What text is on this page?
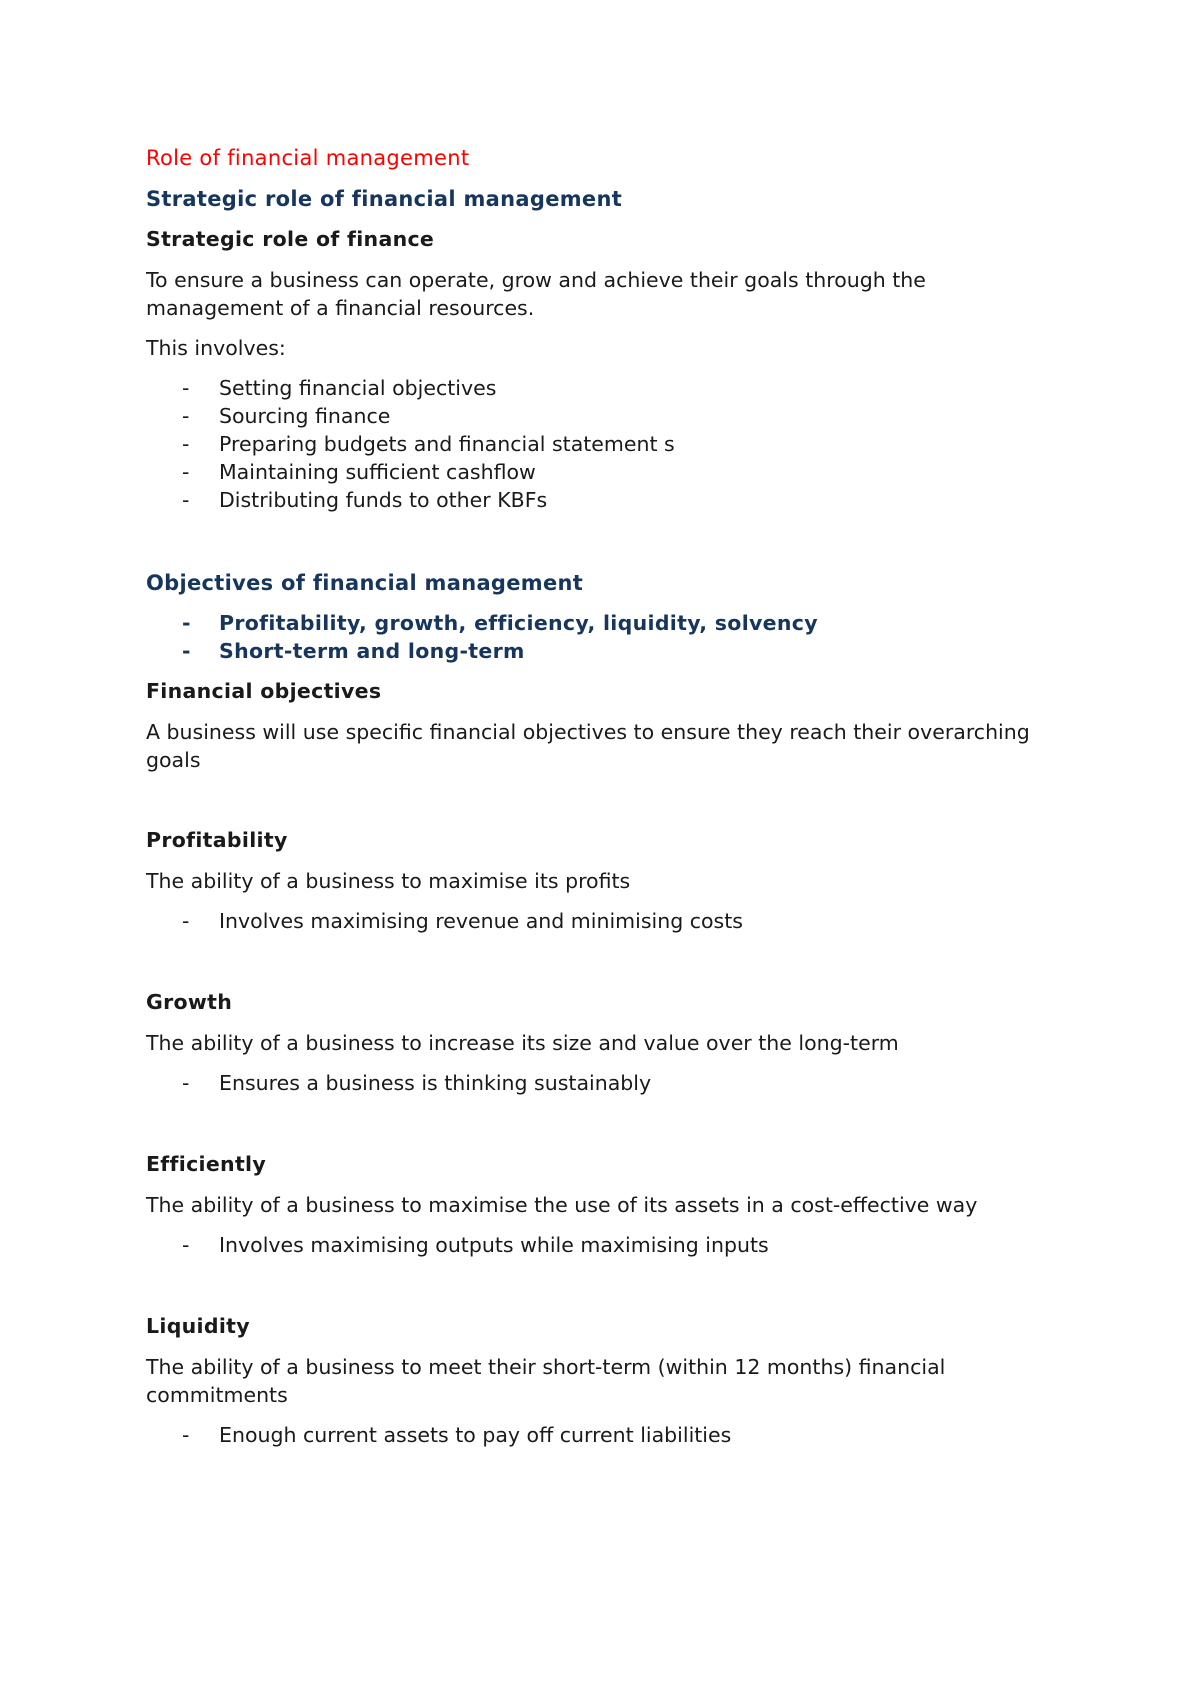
Role of financial management
Strategic role of financial management
Strategic role of finance

To ensure a business can operate, grow and achieve their goals through the management of a financial resources.

This involves:

- Setting financial objectives
- Sourcing finance
- Preparing budgets and financial statement s
- Maintaining sufficient cashflow
- Distributing funds to other KBFs
Objectives of financial management
- Profitability, growth, efficiency, liquidity, solvency
- Short-term and long-term
Financial objectives

A business will use specific financial objectives to ensure they reach their overarching goals

Profitability

The ability of a business to maximise its profits

- Involves maximising revenue and minimising costs
Growth

The ability of a business to increase its size and value over the long-term

- Ensures a business is thinking sustainably
Efficiently

The ability of a business to maximise the use of its assets in a cost-effective way

- Involves maximising outputs while maximising inputs
Liquidity

The ability of a business to meet their short-term (within 12 months) financial commitments

- Enough current assets to pay off current liabilities
